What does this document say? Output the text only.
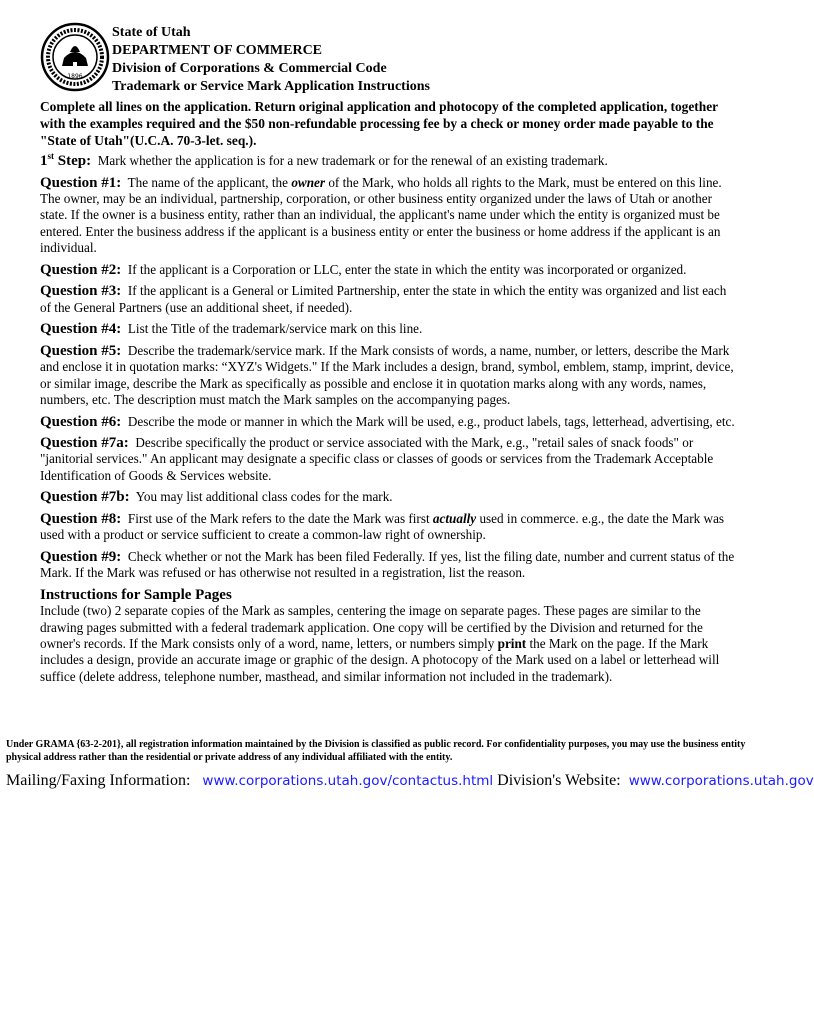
1896
State of Utah
DEPARTMENT OF COMMERCE
Division of Corporations & Commercial Code
Trademark or Service Mark Application Instructions
Complete all lines on the application. Return original application and photocopy of the completed application, together with the examples required and the $50 non-refundable processing fee by a check or money order made payable to the "State of Utah"(U.C.A. 70-3-let. seq.).
1st Step: Mark whether the application is for a new trademark or for the renewal of an existing trademark.
Question #1: The name of the applicant, the owner of the Mark, who holds all rights to the Mark, must be entered on this line. The owner, may be an individual, partnership, corporation, or other business entity organized under the laws of Utah or another state. If the owner is a business entity, rather than an individual, the applicant's name under which the entity is organized must be entered. Enter the business address if the applicant is a business entity or enter the business or home address if the applicant is an individual.
Question #2: If the applicant is a Corporation or LLC, enter the state in which the entity was incorporated or organized.
Question #3: If the applicant is a General or Limited Partnership, enter the state in which the entity was organized and list each of the General Partners (use an additional sheet, if needed).
Question #4: List the Title of the trademark/service mark on this line.
Question #5: Describe the trademark/service mark. If the Mark consists of words, a name, number, or letters, describe the Mark and enclose it in quotation marks: “XYZ's Widgets." If the Mark includes a design, brand, symbol, emblem, stamp, imprint, device, or similar image, describe the Mark as specifically as possible and enclose it in quotation marks along with any words, names, numbers, etc. The description must match the Mark samples on the accompanying pages.
Question #6: Describe the mode or manner in which the Mark will be used, e.g., product labels, tags, letterhead, advertising, etc.
Question #7a: Describe specifically the product or service associated with the Mark, e.g., "retail sales of snack foods" or "janitorial services." An applicant may designate a specific class or classes of goods or services from the Trademark Acceptable Identification of Goods & Services website.
Question #7b: You may list additional class codes for the mark.
Question #8: First use of the Mark refers to the date the Mark was first actually used in commerce. e.g., the date the Mark was used with a product or service sufficient to create a common-law right of ownership.
Question #9: Check whether or not the Mark has been filed Federally. If yes, list the filing date, number and current status of the Mark. If the Mark was refused or has otherwise not resulted in a registration, list the reason.
Instructions for Sample Pages
Include (two) 2 separate copies of the Mark as samples, centering the image on separate pages. These pages are similar to the drawing pages submitted with a federal trademark application. One copy will be certified by the Division and returned for the owner's records. If the Mark consists only of a word, name, letters, or numbers simply print the Mark on the page. If the Mark includes a design, provide an accurate image or graphic of the design. A photocopy of the Mark used on a label or letterhead will suffice (delete address, telephone number, masthead, and similar information not included in the trademark).
Under GRAMA {63-2-201}, all registration information maintained by the Division is classified as public record. For confidentiality purposes, you may use the business entity physical address rather than the residential or private address of any individual affiliated with the entity.
Mailing/Faxing Information: www.corporations.utah.gov/contactus.html Division's Website: www.corporations.utah.gov
